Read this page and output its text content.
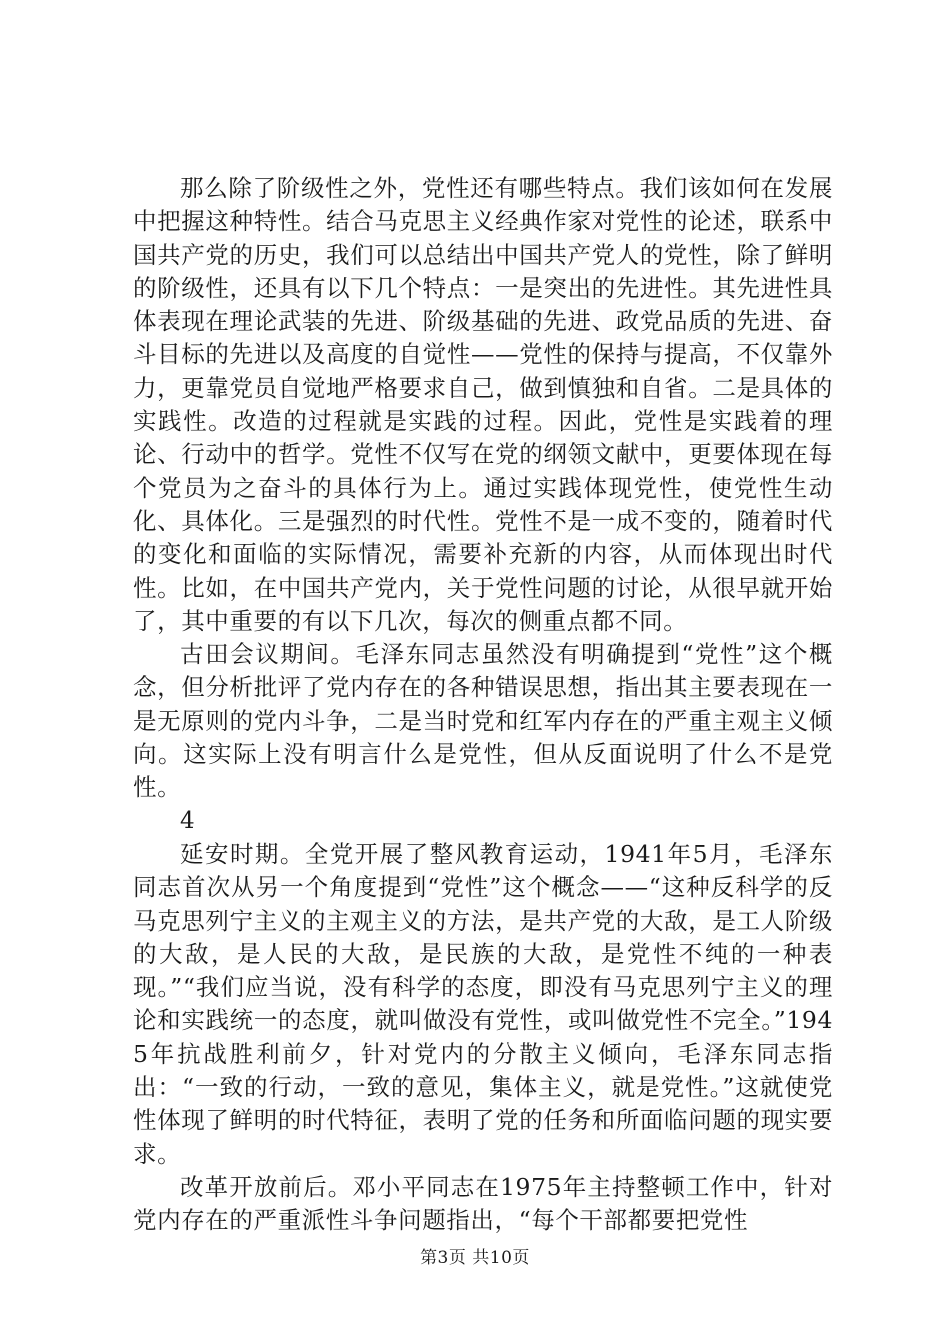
那么除了阶级性之外，党性还有哪些特点。我们该如何在发展中把握这种特性。结合马克思主义经典作家对党性的论述，联系中国共产党的历史，我们可以总结出中国共产党人的党性，除了鲜明的阶级性，还具有以下几个特点：一是突出的先进性。其先进性具体表现在理论武装的先进、阶级基础的先进、政党品质的先进、奋斗目标的先进以及高度的自觉性——党性的保持与提高，不仅靠外力，更靠党员自觉地严格要求自己，做到慎独和自省。二是具体的实践性。改造的过程就是实践的过程。因此，党性是实践着的理论、行动中的哲学。党性不仅写在党的纲领文献中，更要体现在每个党员为之奋斗的具体行为上。通过实践体现党性，使党性生动化、具体化。三是强烈的时代性。党性不是一成不变的，随着时代的变化和面临的实际情况，需要补充新的内容，从而体现出时代性。比如，在中国共产党内，关于党性问题的讨论，从很早就开始了，其中重要的有以下几次，每次的侧重点都不同。

古田会议期间。毛泽东同志虽然没有明确提到“党性”这个概念，但分析批评了党内存在的各种错误思想，指出其主要表现在一是无原则的党内斗争，二是当时党和红军内存在的严重主观主义倾向。这实际上没有明言什么是党性，但从反面说明了什么不是党性。

4

延安时期。全党开展了整风教育运动，1941年5月，毛泽东同志首次从另一个角度提到“党性”这个概念——“这种反科学的反马克思列宁主义的主观主义的方法，是共产党的大敌，是工人阶级的大敌，是人民的大敌，是民族的大敌，是党性不纯的一种表现。”“我们应当说，没有科学的态度，即没有马克思列宁主义的理论和实践统一的态度，就叫做没有党性，或叫做党性不完全。”1945年抗战胜利前夕，针对党内的分散主义倾向，毛泽东同志指出：“一致的行动，一致的意见，集体主义，就是党性。”这就使党性体现了鲜明的时代特征，表明了党的任务和所面临问题的现实要求。

改革开放前后。邓小平同志在1975年主持整顿工作中，针对党内存在的严重派性斗争问题指出，“每个干部都要把党性

第3页 共10页
